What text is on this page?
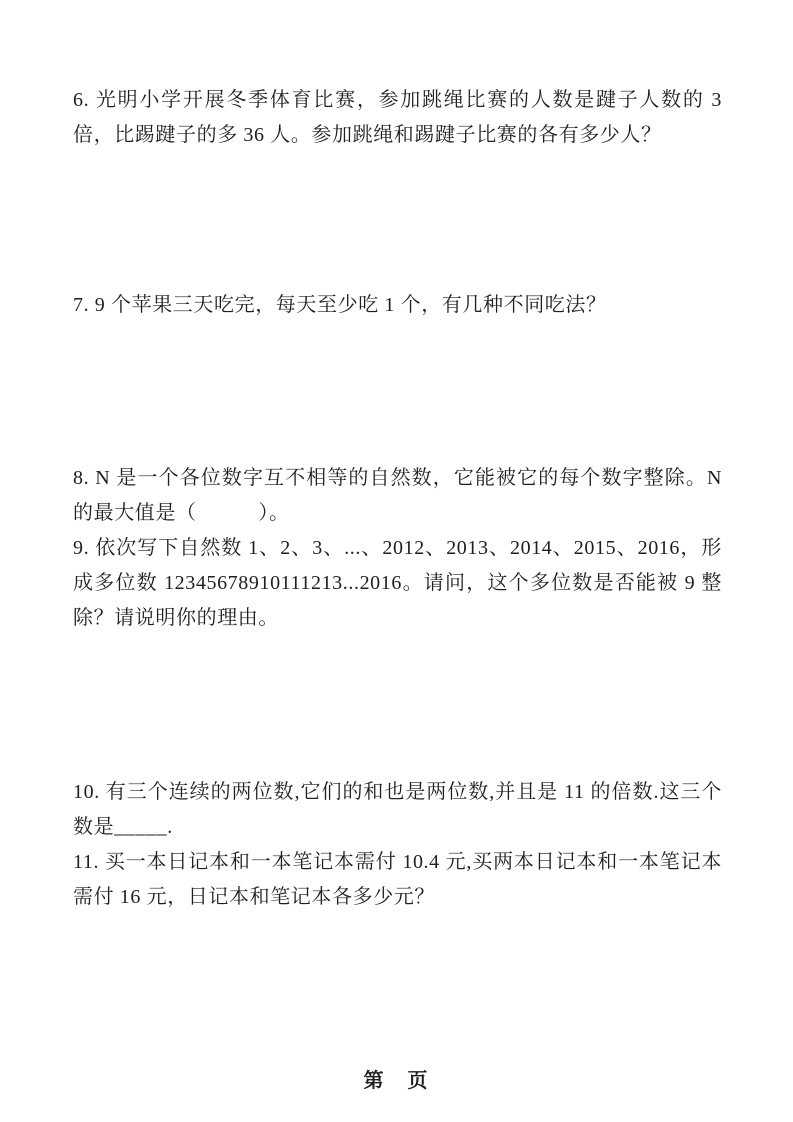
6. 光明小学开展冬季体育比赛，参加跳绳比赛的人数是踺子人数的 3 倍，比踢踺子的多 36 人。参加跳绳和踢踺子比赛的各有多少人？

7. 9 个苹果三天吃完，每天至少吃 1 个，有几种不同吃法？

8. N 是一个各位数字互不相等的自然数，它能被它的每个数字整除。N 的最大值是（　　　）。

9. 依次写下自然数 1、2、3、...、2012、2013、2014、2015、2016，形成多位数 12345678910111213...2016。请问，这个多位数是否能被 9 整除？请说明你的理由。

10. 有三个连续的两位数,它们的和也是两位数,并且是 11 的倍数.这三个数是_____.

11. 买一本日记本和一本笔记本需付 10.4 元,买两本日记本和一本笔记本需付 16 元，日记本和笔记本各多少元？

第　页
